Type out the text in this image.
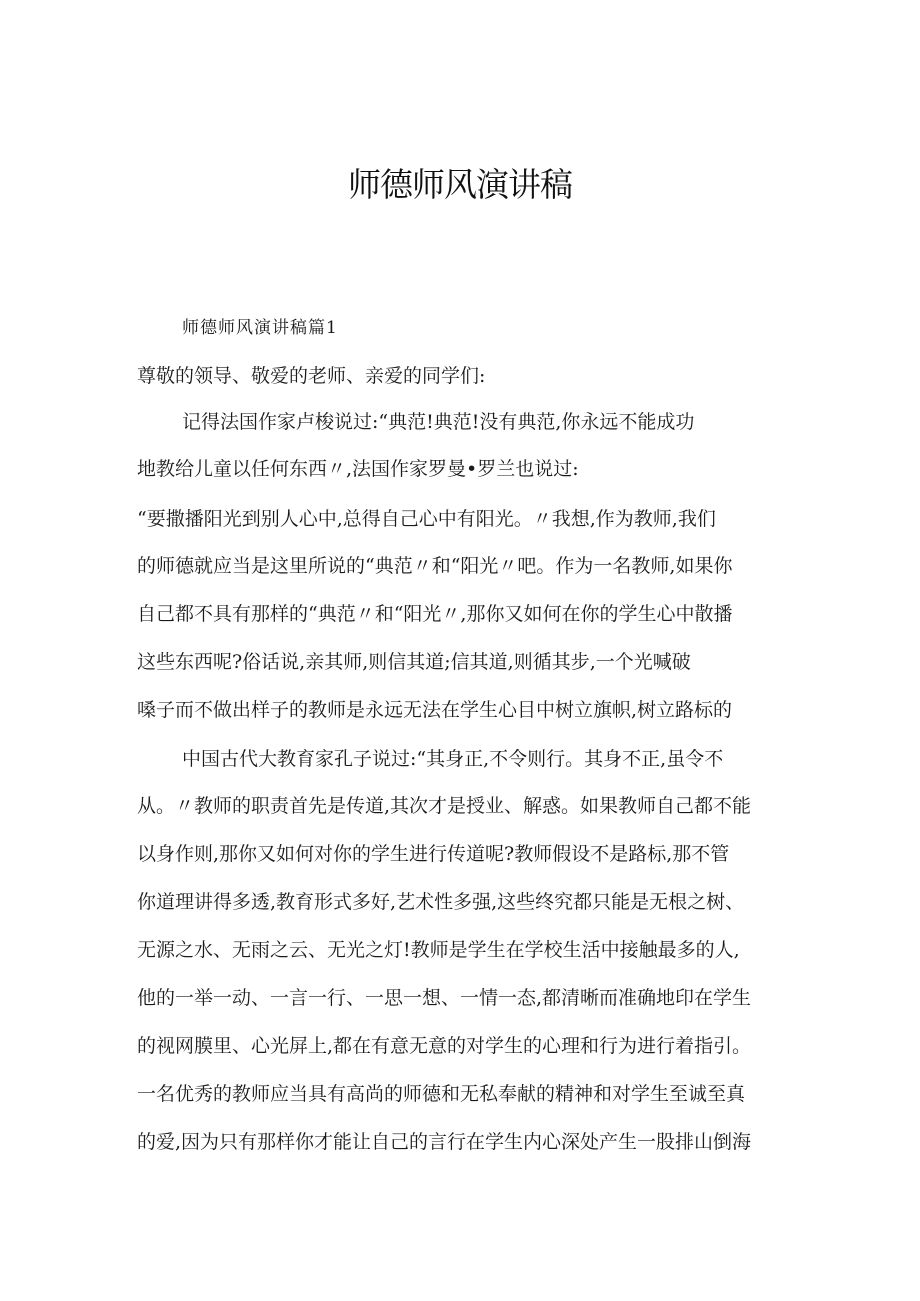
师德师风演讲稿
师德师风演讲稿篇1
尊敬的领导、敬爱的老师、亲爱的同学们:
记得法国作家卢梭说过:“典范!典范!没有典范,你永远不能成功
地教给儿童以任何东西〃,法国作家罗曼•罗兰也说过:
“要撒播阳光到别人心中,总得自己心中有阳光。〃我想,作为教师,我们
的师德就应当是这里所说的“典范〃和“阳光〃吧。作为一名教师,如果你
自己都不具有那样的“典范〃和“阳光〃,那你又如何在你的学生心中散播
这些东西呢?俗话说,亲其师,则信其道;信其道,则循其步,一个光喊破
嗓子而不做出样子的教师是永远无法在学生心目中树立旗帜,树立路标的
中国古代大教育家孔子说过:“其身正,不令则行。其身不正,虽令不
从。〃教师的职责首先是传道,其次才是授业、解惑。如果教师自己都不能
以身作则,那你又如何对你的学生进行传道呢?教师假设不是路标,那不管
你道理讲得多透,教育形式多好,艺术性多强,这些终究都只能是无根之树、
无源之水、无雨之云、无光之灯!教师是学生在学校生活中接触最多的人,
他的一举一动、一言一行、一思一想、一情一态,都清晰而准确地印在学生
的视网膜里、心光屏上,都在有意无意的对学生的心理和行为进行着指引。
一名优秀的教师应当具有高尚的师德和无私奉献的精神和对学生至诚至真
的爱,因为只有那样你才能让自己的言行在学生内心深处产生一股排山倒海
